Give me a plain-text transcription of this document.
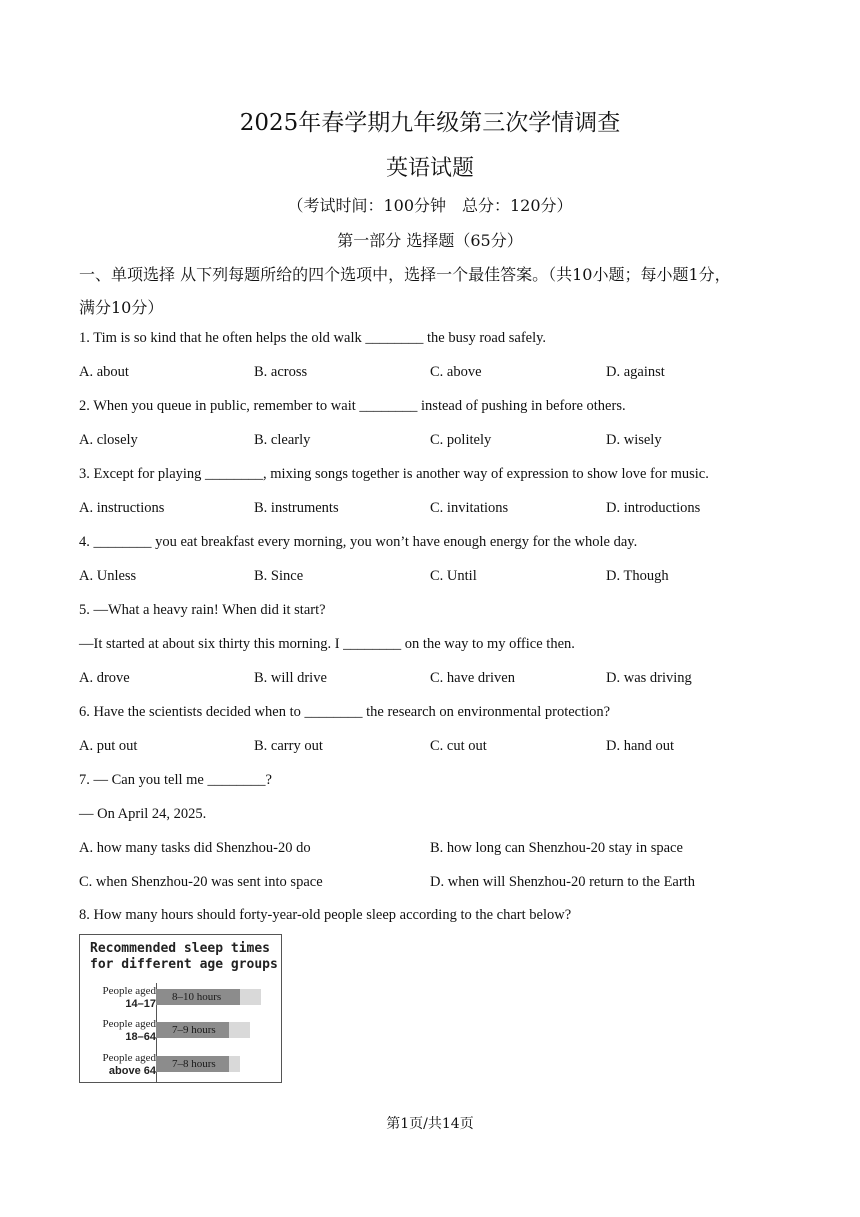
2025年春学期九年级第三次学情调查
英语试题
（考试时间：100分钟　总分：120分）
第一部分 选择题（65分）
一、单项选择 从下列每题所给的四个选项中，选择一个最佳答案。（共10小题；每小题1分，
满分10分）
1. Tim is so kind that he often helps the old walk ________ the busy road safely.
A. about	B. across	C. above	D. against
2. When you queue in public, remember to wait ________ instead of pushing in before others.
A. closely	B. clearly	C. politely	D. wisely
3. Except for playing ________, mixing songs together is another way of expression to show love for music.
A. instructions	B. instruments	C. invitations	D. introductions
4. ________ you eat breakfast every morning, you won’t have enough energy for the whole day.
A. Unless	B. Since	C. Until	D. Though
5. —What a heavy rain! When did it start?
—It started at about six thirty this morning. I ________ on the way to my office then.
A. drove	B. will drive	C. have driven	D. was driving
6. Have the scientists decided when to ________ the research on environmental protection?
A. put out	B. carry out	C. cut out	D. hand out
7. — Can you tell me ________?
— On April 24, 2025.
A. how many tasks did Shenzhou-20 do	B. how long can Shenzhou-20 stay in space
C. when Shenzhou-20 was sent into space	D. when will Shenzhou-20 return to the Earth
8. How many hours should forty-year-old people sleep according to the chart below?
Recommended sleep times
for different age groups
People aged
14–17
8–10 hours
People aged
18–64
7–9 hours
People aged
above 64
7–8 hours
第1页/共14页
